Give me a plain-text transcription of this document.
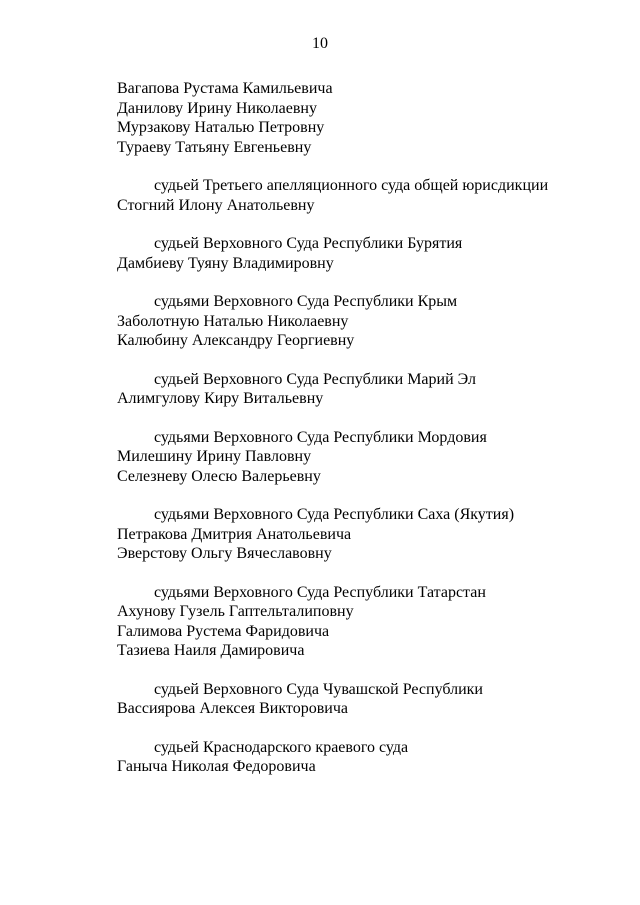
10
Вагапова Рустама Камильевича
Данилову Ирину Николаевну
Мурзакову Наталью Петровну
Тураеву Татьяну Евгеньевну
судьей Третьего апелляционного суда общей юрисдикции
Стогний Илону Анатольевну
судьей Верховного Суда Республики Бурятия
Дамбиеву Туяну Владимировну
судьями Верховного Суда Республики Крым
Заболотную Наталью Николаевну
Калюбину Александру Георгиевну
судьей Верховного Суда Республики Марий Эл
Алимгулову Киру Витальевну
судьями Верховного Суда Республики Мордовия
Милешину Ирину Павловну
Селезневу Олесю Валерьевну
судьями Верховного Суда Республики Саха (Якутия)
Петракова Дмитрия Анатольевича
Эверстову Ольгу Вячеславовну
судьями Верховного Суда Республики Татарстан
Ахунову Гузель Гаптельталиповну
Галимова Рустема Фаридовича
Тазиева Наиля Дамировича
судьей Верховного Суда Чувашской Республики
Вассиярова Алексея Викторовича
судьей Краснодарского краевого суда
Ганыча Николая Федоровича
